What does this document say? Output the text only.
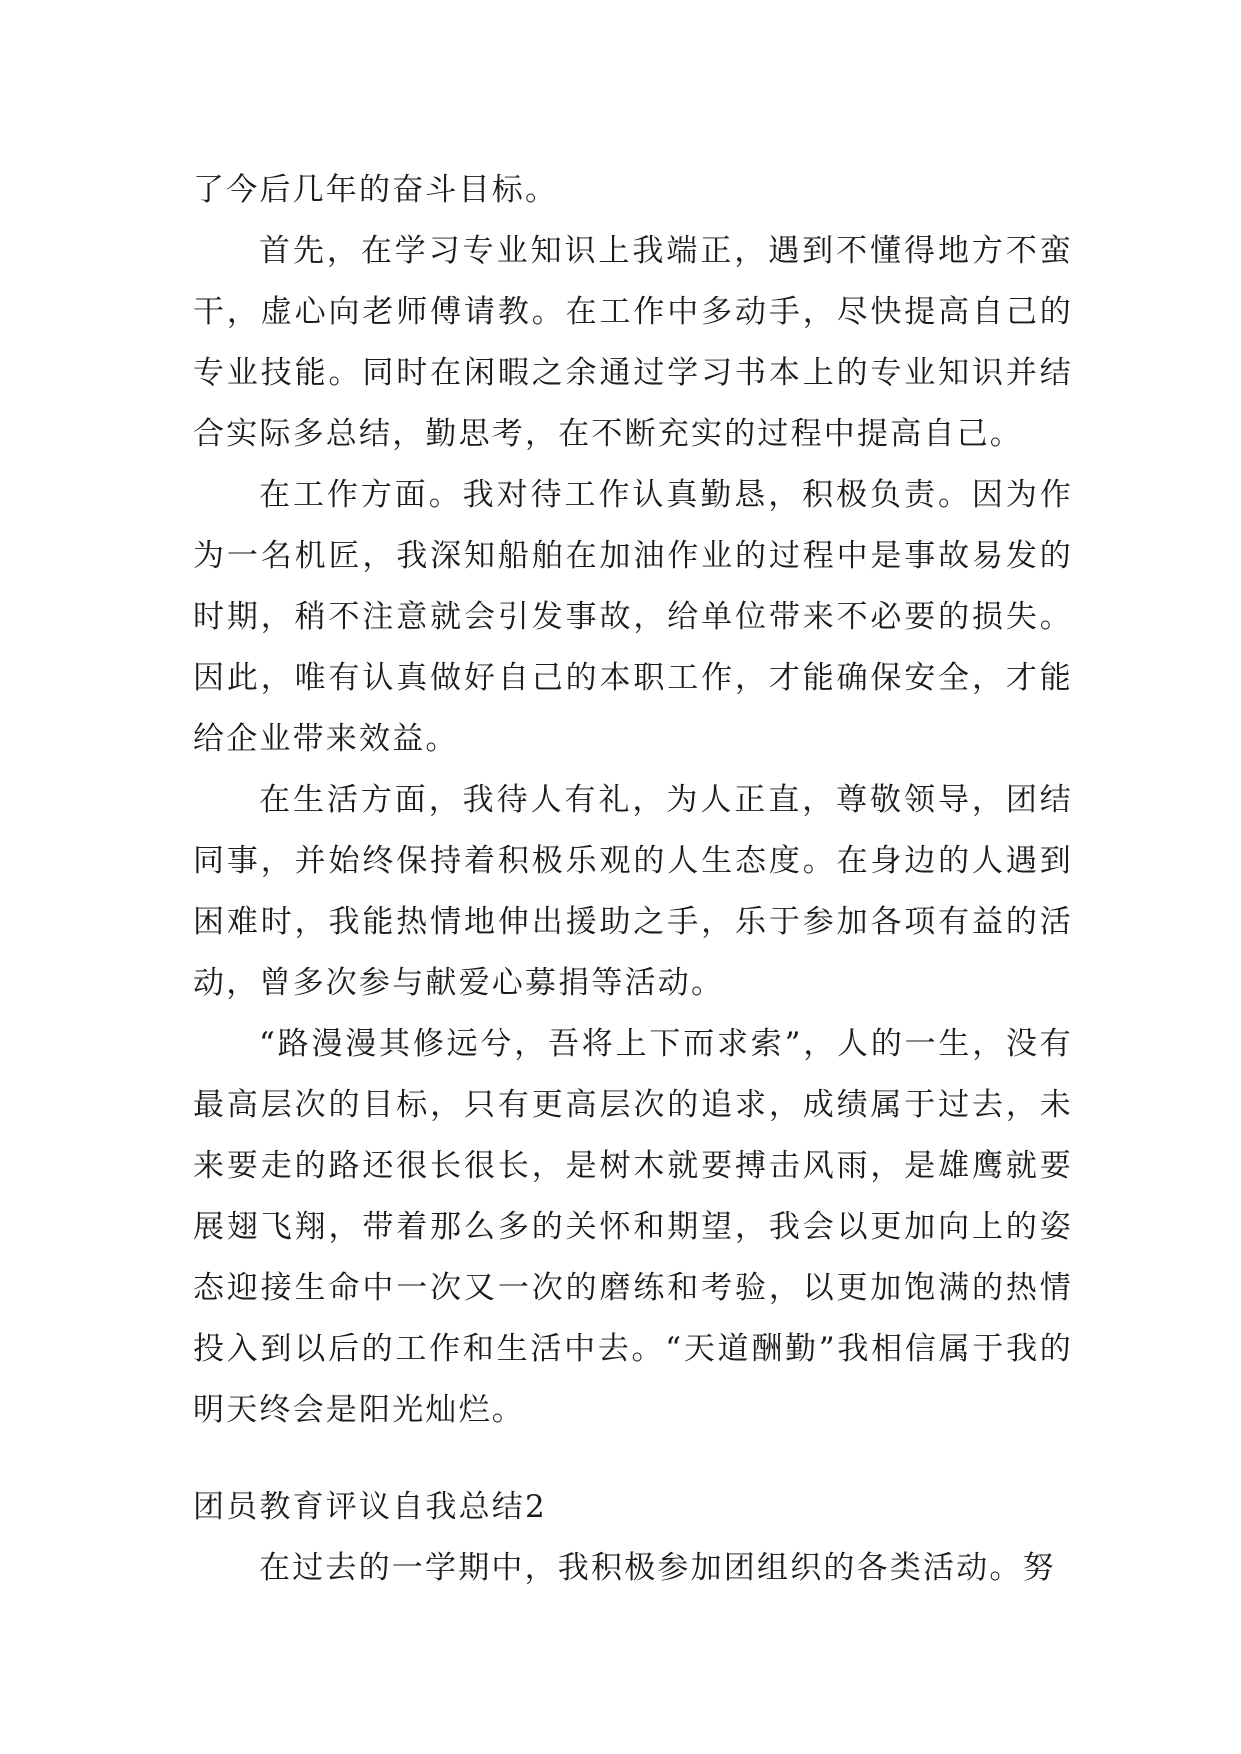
了今后几年的奋斗目标。

首先，在学习专业知识上我端正，遇到不懂得地方不蛮干，虚心向老师傅请教。在工作中多动手，尽快提高自己的专业技能。同时在闲暇之余通过学习书本上的专业知识并结合实际多总结，勤思考，在不断充实的过程中提高自己。

在工作方面。我对待工作认真勤恳，积极负责。因为作为一名机匠，我深知船舶在加油作业的过程中是事故易发的时期，稍不注意就会引发事故，给单位带来不必要的损失。因此，唯有认真做好自己的本职工作，才能确保安全，才能给企业带来效益。

在生活方面，我待人有礼，为人正直，尊敬领导，团结同事，并始终保持着积极乐观的人生态度。在身边的人遇到困难时，我能热情地伸出援助之手，乐于参加各项有益的活动，曾多次参与献爱心募捐等活动。

“路漫漫其修远兮，吾将上下而求索”，人的一生，没有最高层次的目标，只有更高层次的追求，成绩属于过去，未来要走的路还很长很长，是树木就要搏击风雨，是雄鹰就要展翅飞翔，带着那么多的关怀和期望，我会以更加向上的姿态迎接生命中一次又一次的磨练和考验，以更加饱满的热情投入到以后的工作和生活中去。“天道酬勤”我相信属于我的明天终会是阳光灿烂。

团员教育评议自我总结2

在过去的一学期中，我积极参加团组织的各类活动。努
